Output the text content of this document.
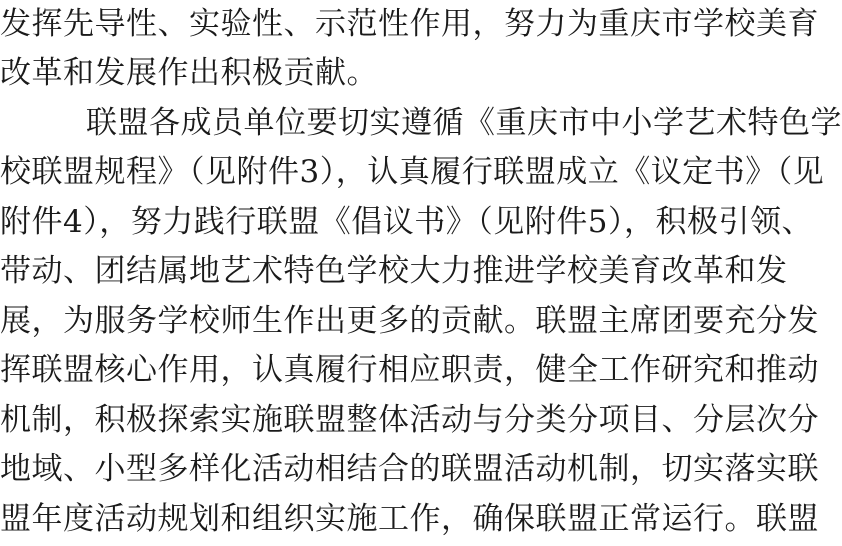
发挥先导性、实验性、示范性作用，努力为重庆市学校美育
改革和发展作出积极贡献。
联盟各成员单位要切实遵循《重庆市中小学艺术特色学
校联盟规程》（见附件3），认真履行联盟成立《议定书》（见
附件4），努力践行联盟《倡议书》（见附件5），积极引领、
带动、团结属地艺术特色学校大力推进学校美育改革和发
展，为服务学校师生作出更多的贡献。联盟主席团要充分发
挥联盟核心作用，认真履行相应职责，健全工作研究和推动
机制，积极探索实施联盟整体活动与分类分项目、分层次分
地域、小型多样化活动相结合的联盟活动机制，切实落实联
盟年度活动规划和组织实施工作，确保联盟正常运行。联盟
